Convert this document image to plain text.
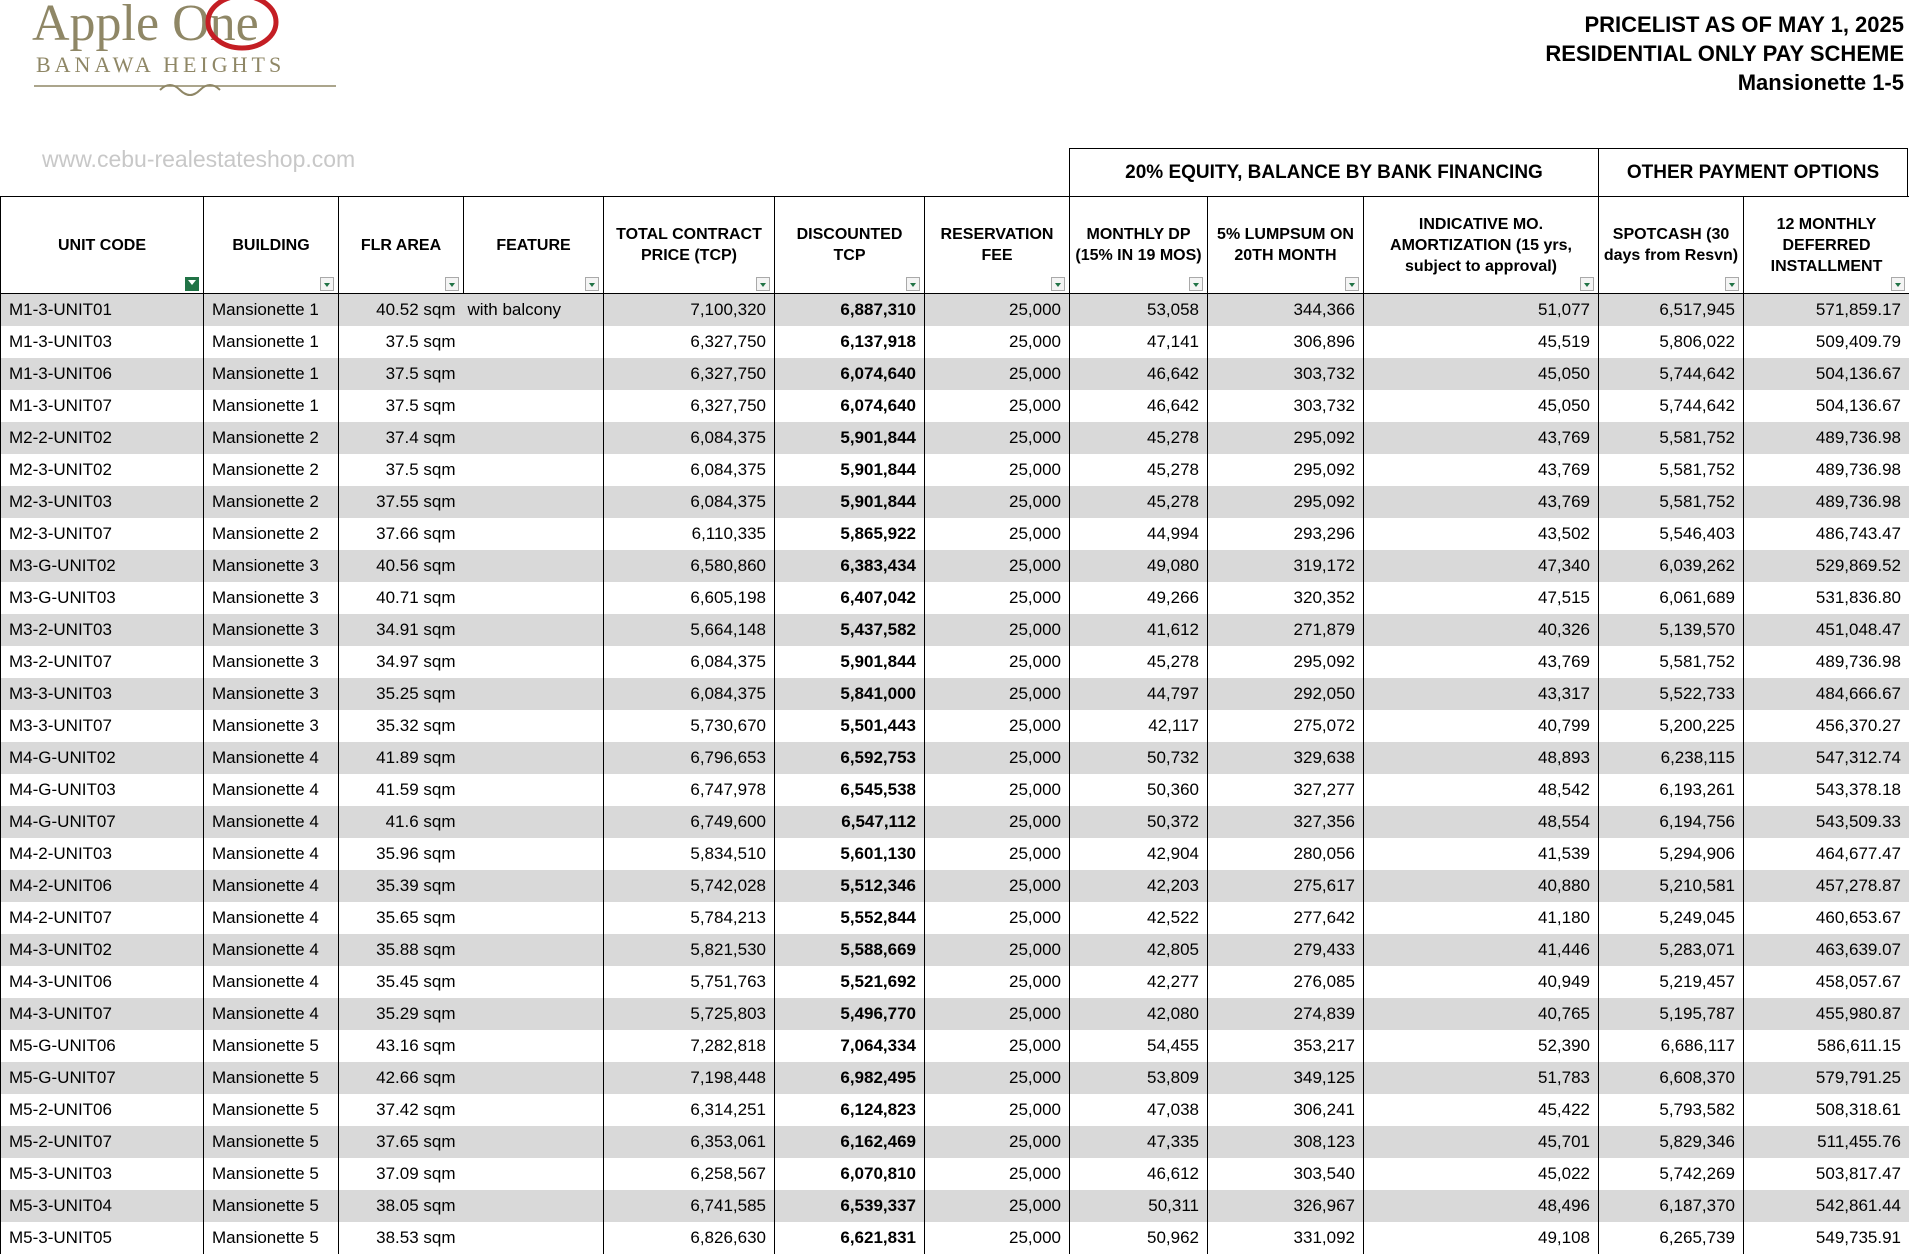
Apple One
BANAWA HEIGHTS
www.cebu-realestateshop.com
PRICELIST AS OF MAY 1, 2025
RESIDENTIAL ONLY PAY SCHEME
Mansionette 1-5
20% EQUITY, BALANCE BY BANK FINANCING	OTHER PAYMENT OPTIONS
UNIT CODE	BUILDING	FLR AREA	FEATURE	TOTAL CONTRACT PRICE (TCP)	DISCOUNTED TCP	RESERVATION FEE	MONTHLY DP (15% IN 19 MOS)	5% LUMPSUM ON 20TH MONTH	INDICATIVE MO. AMORTIZATION (15 yrs, subject to approval)	SPOTCASH (30 days from Resvn)	12 MONTHLY DEFERRED INSTALLMENT

M1-3-UNIT01	Mansionette 1	40.52 sqm	with balcony	7,100,320	6,887,310	25,000	53,058	344,366	51,077	6,517,945	571,859.17
M1-3-UNIT03	Mansionette 1	37.5 sqm		6,327,750	6,137,918	25,000	47,141	306,896	45,519	5,806,022	509,409.79
M1-3-UNIT06	Mansionette 1	37.5 sqm		6,327,750	6,074,640	25,000	46,642	303,732	45,050	5,744,642	504,136.67
M1-3-UNIT07	Mansionette 1	37.5 sqm		6,327,750	6,074,640	25,000	46,642	303,732	45,050	5,744,642	504,136.67
M2-2-UNIT02	Mansionette 2	37.4 sqm		6,084,375	5,901,844	25,000	45,278	295,092	43,769	5,581,752	489,736.98
M2-3-UNIT02	Mansionette 2	37.5 sqm		6,084,375	5,901,844	25,000	45,278	295,092	43,769	5,581,752	489,736.98
M2-3-UNIT03	Mansionette 2	37.55 sqm		6,084,375	5,901,844	25,000	45,278	295,092	43,769	5,581,752	489,736.98
M2-3-UNIT07	Mansionette 2	37.66 sqm		6,110,335	5,865,922	25,000	44,994	293,296	43,502	5,546,403	486,743.47
M3-G-UNIT02	Mansionette 3	40.56 sqm		6,580,860	6,383,434	25,000	49,080	319,172	47,340	6,039,262	529,869.52
M3-G-UNIT03	Mansionette 3	40.71 sqm		6,605,198	6,407,042	25,000	49,266	320,352	47,515	6,061,689	531,836.80
M3-2-UNIT03	Mansionette 3	34.91 sqm		5,664,148	5,437,582	25,000	41,612	271,879	40,326	5,139,570	451,048.47
M3-2-UNIT07	Mansionette 3	34.97 sqm		6,084,375	5,901,844	25,000	45,278	295,092	43,769	5,581,752	489,736.98
M3-3-UNIT03	Mansionette 3	35.25 sqm		6,084,375	5,841,000	25,000	44,797	292,050	43,317	5,522,733	484,666.67
M3-3-UNIT07	Mansionette 3	35.32 sqm		5,730,670	5,501,443	25,000	42,117	275,072	40,799	5,200,225	456,370.27
M4-G-UNIT02	Mansionette 4	41.89 sqm		6,796,653	6,592,753	25,000	50,732	329,638	48,893	6,238,115	547,312.74
M4-G-UNIT03	Mansionette 4	41.59 sqm		6,747,978	6,545,538	25,000	50,360	327,277	48,542	6,193,261	543,378.18
M4-G-UNIT07	Mansionette 4	41.6 sqm		6,749,600	6,547,112	25,000	50,372	327,356	48,554	6,194,756	543,509.33
M4-2-UNIT03	Mansionette 4	35.96 sqm		5,834,510	5,601,130	25,000	42,904	280,056	41,539	5,294,906	464,677.47
M4-2-UNIT06	Mansionette 4	35.39 sqm		5,742,028	5,512,346	25,000	42,203	275,617	40,880	5,210,581	457,278.87
M4-2-UNIT07	Mansionette 4	35.65 sqm		5,784,213	5,552,844	25,000	42,522	277,642	41,180	5,249,045	460,653.67
M4-3-UNIT02	Mansionette 4	35.88 sqm		5,821,530	5,588,669	25,000	42,805	279,433	41,446	5,283,071	463,639.07
M4-3-UNIT06	Mansionette 4	35.45 sqm		5,751,763	5,521,692	25,000	42,277	276,085	40,949	5,219,457	458,057.67
M4-3-UNIT07	Mansionette 4	35.29 sqm		5,725,803	5,496,770	25,000	42,080	274,839	40,765	5,195,787	455,980.87
M5-G-UNIT06	Mansionette 5	43.16 sqm		7,282,818	7,064,334	25,000	54,455	353,217	52,390	6,686,117	586,611.15
M5-G-UNIT07	Mansionette 5	42.66 sqm		7,198,448	6,982,495	25,000	53,809	349,125	51,783	6,608,370	579,791.25
M5-2-UNIT06	Mansionette 5	37.42 sqm		6,314,251	6,124,823	25,000	47,038	306,241	45,422	5,793,582	508,318.61
M5-2-UNIT07	Mansionette 5	37.65 sqm		6,353,061	6,162,469	25,000	47,335	308,123	45,701	5,829,346	511,455.76
M5-3-UNIT03	Mansionette 5	37.09 sqm		6,258,567	6,070,810	25,000	46,612	303,540	45,022	5,742,269	503,817.47
M5-3-UNIT04	Mansionette 5	38.05 sqm		6,741,585	6,539,337	25,000	50,311	326,967	48,496	6,187,370	542,861.44
M5-3-UNIT05	Mansionette 5	38.53 sqm		6,826,630	6,621,831	25,000	50,962	331,092	49,108	6,265,739	549,735.91
